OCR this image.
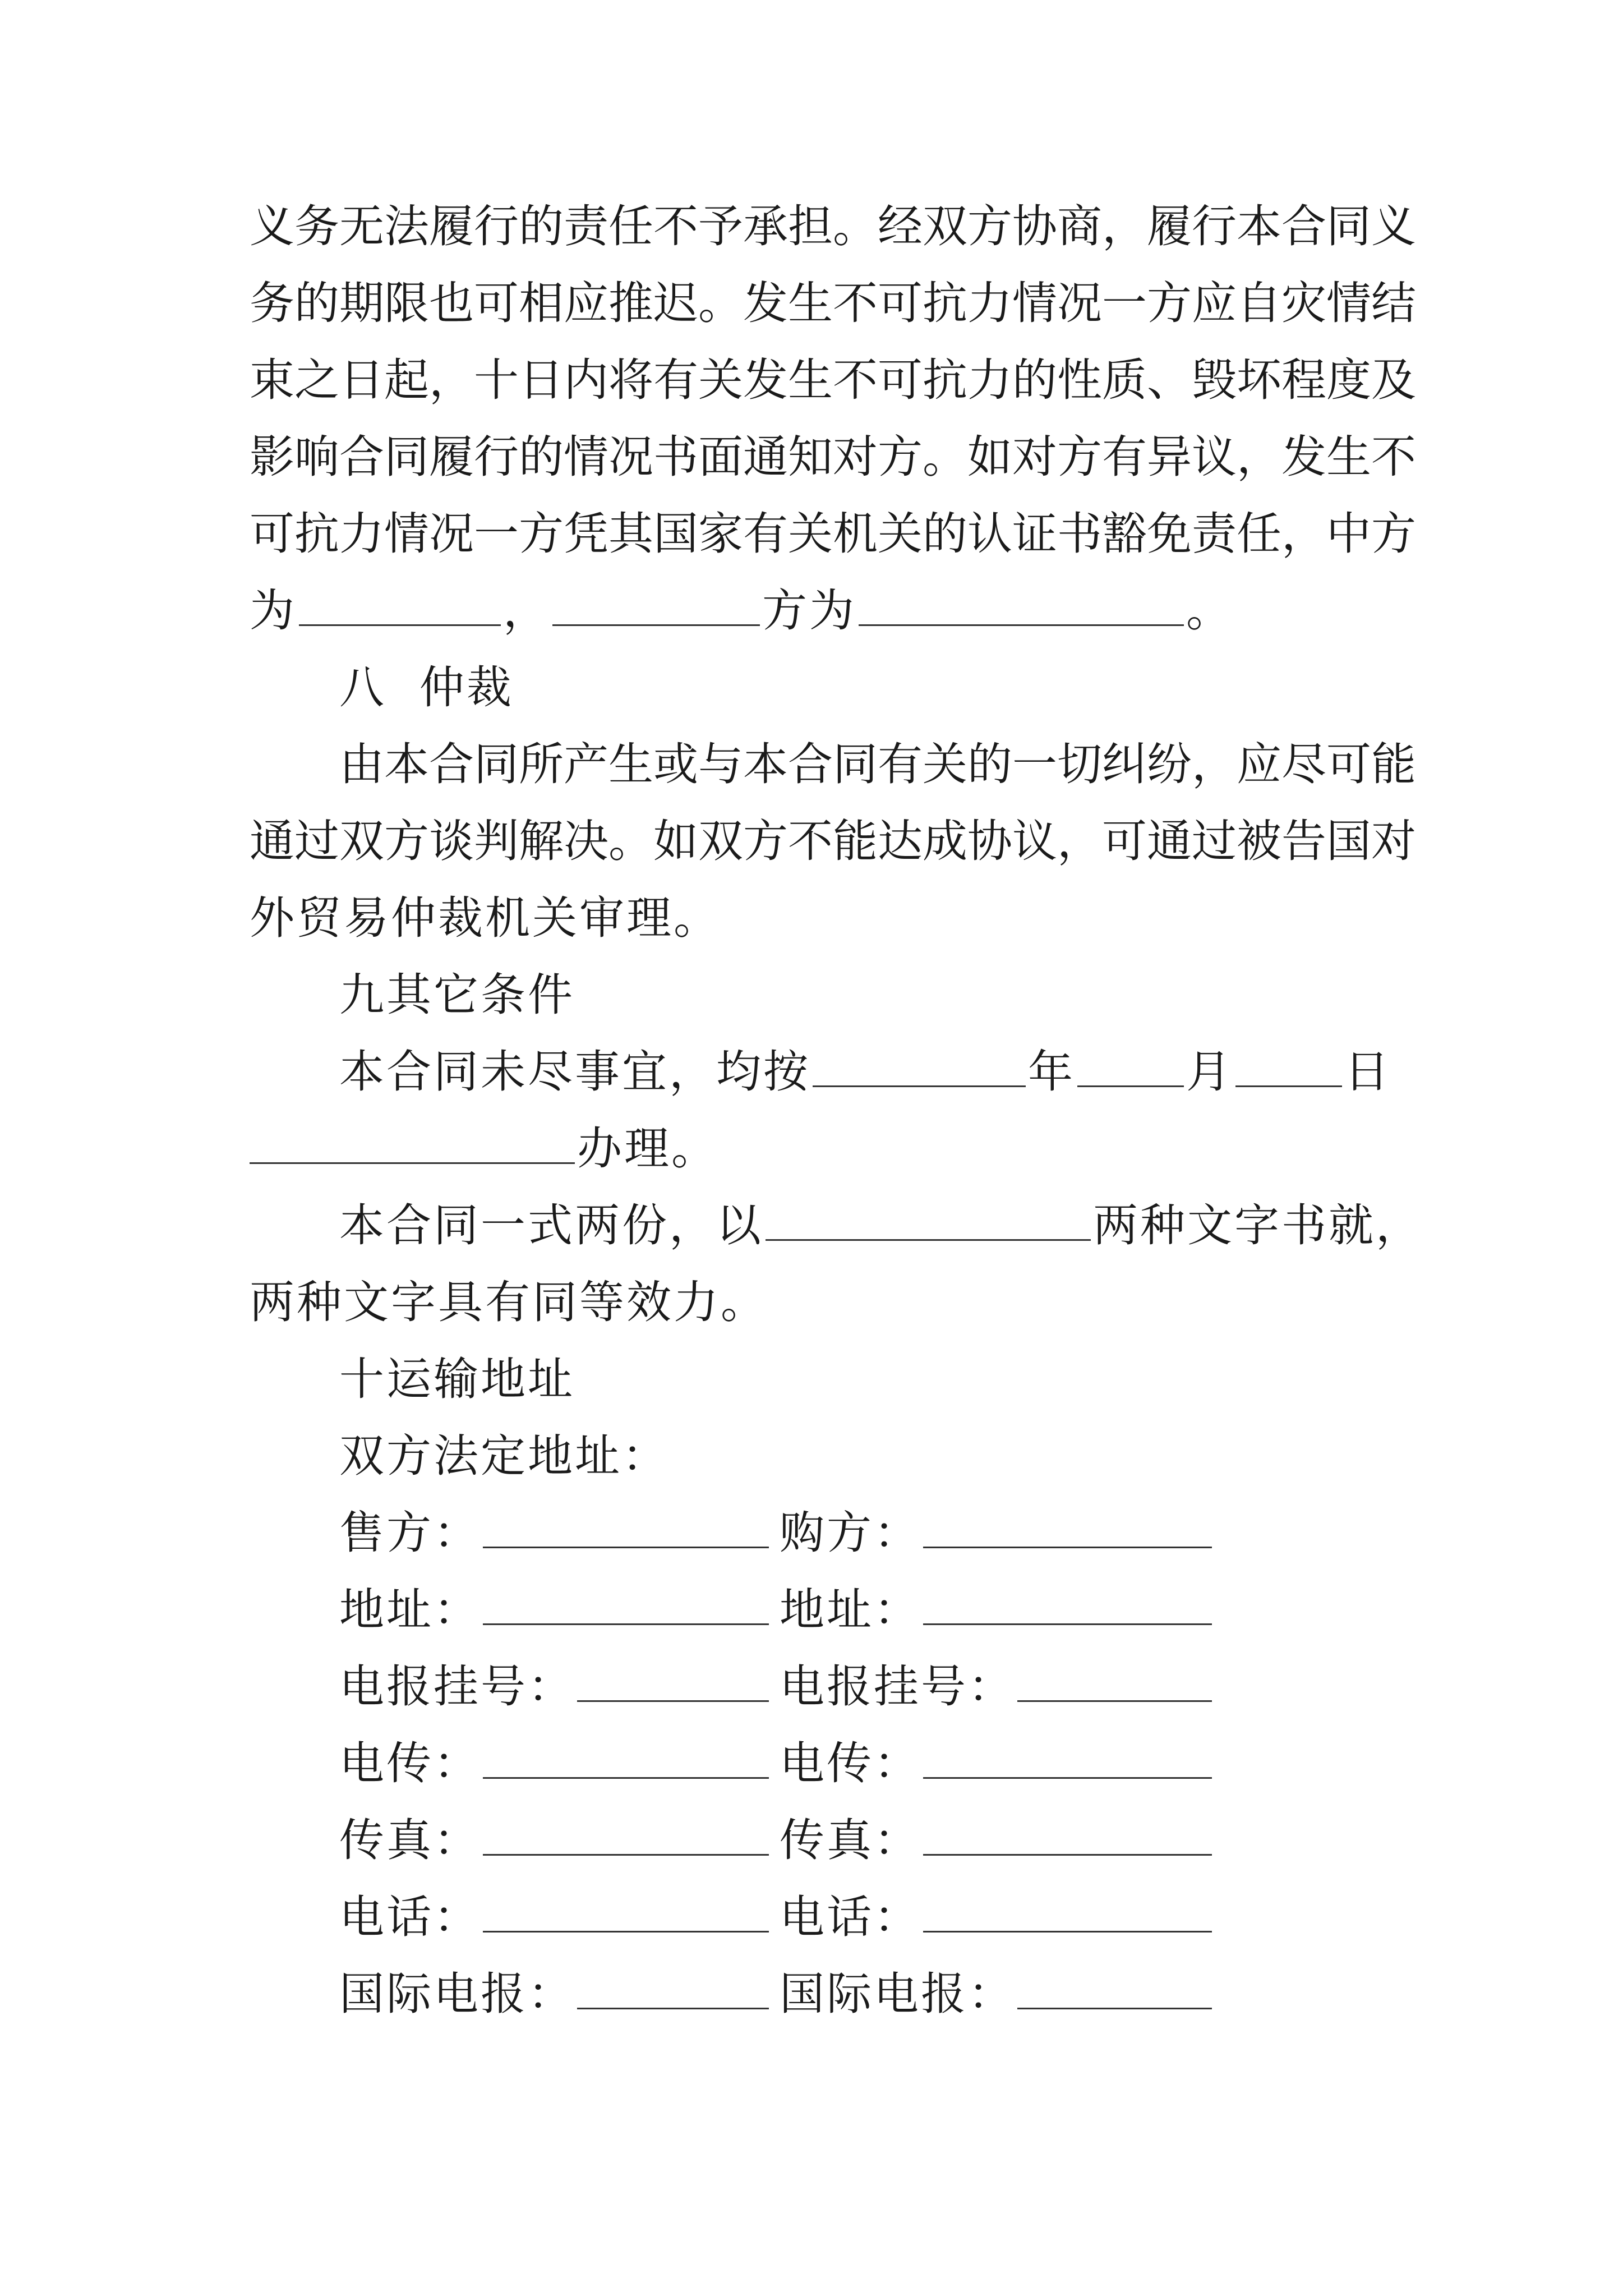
义务无法履行的责任不予承担。经双方协商，履行本合同义
务的期限也可相应推迟。发生不可抗力情况一方应自灾情结
束之日起，十日内将有关发生不可抗力的性质、毁坏程度及
影响合同履行的情况书面通知对方。如对方有异议，发生不
可抗力情况一方凭其国家有关机关的认证书豁免责任，中方
为	，	方为	。
八  仲裁
由本合同所产生或与本合同有关的一切纠纷，应尽可能
通过双方谈判解决。如双方不能达成协议，可通过被告国对
外贸易仲裁机关审理。
九其它条件
本合同未尽事宜，均按	年 月 日
办理。
本合同一式两份，以	两种文字书就，
两种文字具有同等效力。
十运输地址
双方法定地址：
售方：	购方：
地址：	地址：
电报挂号：	电报挂号：
电传：	电传：
传真：	传真：
电话：	电话：
国际电报：	国际电报：
